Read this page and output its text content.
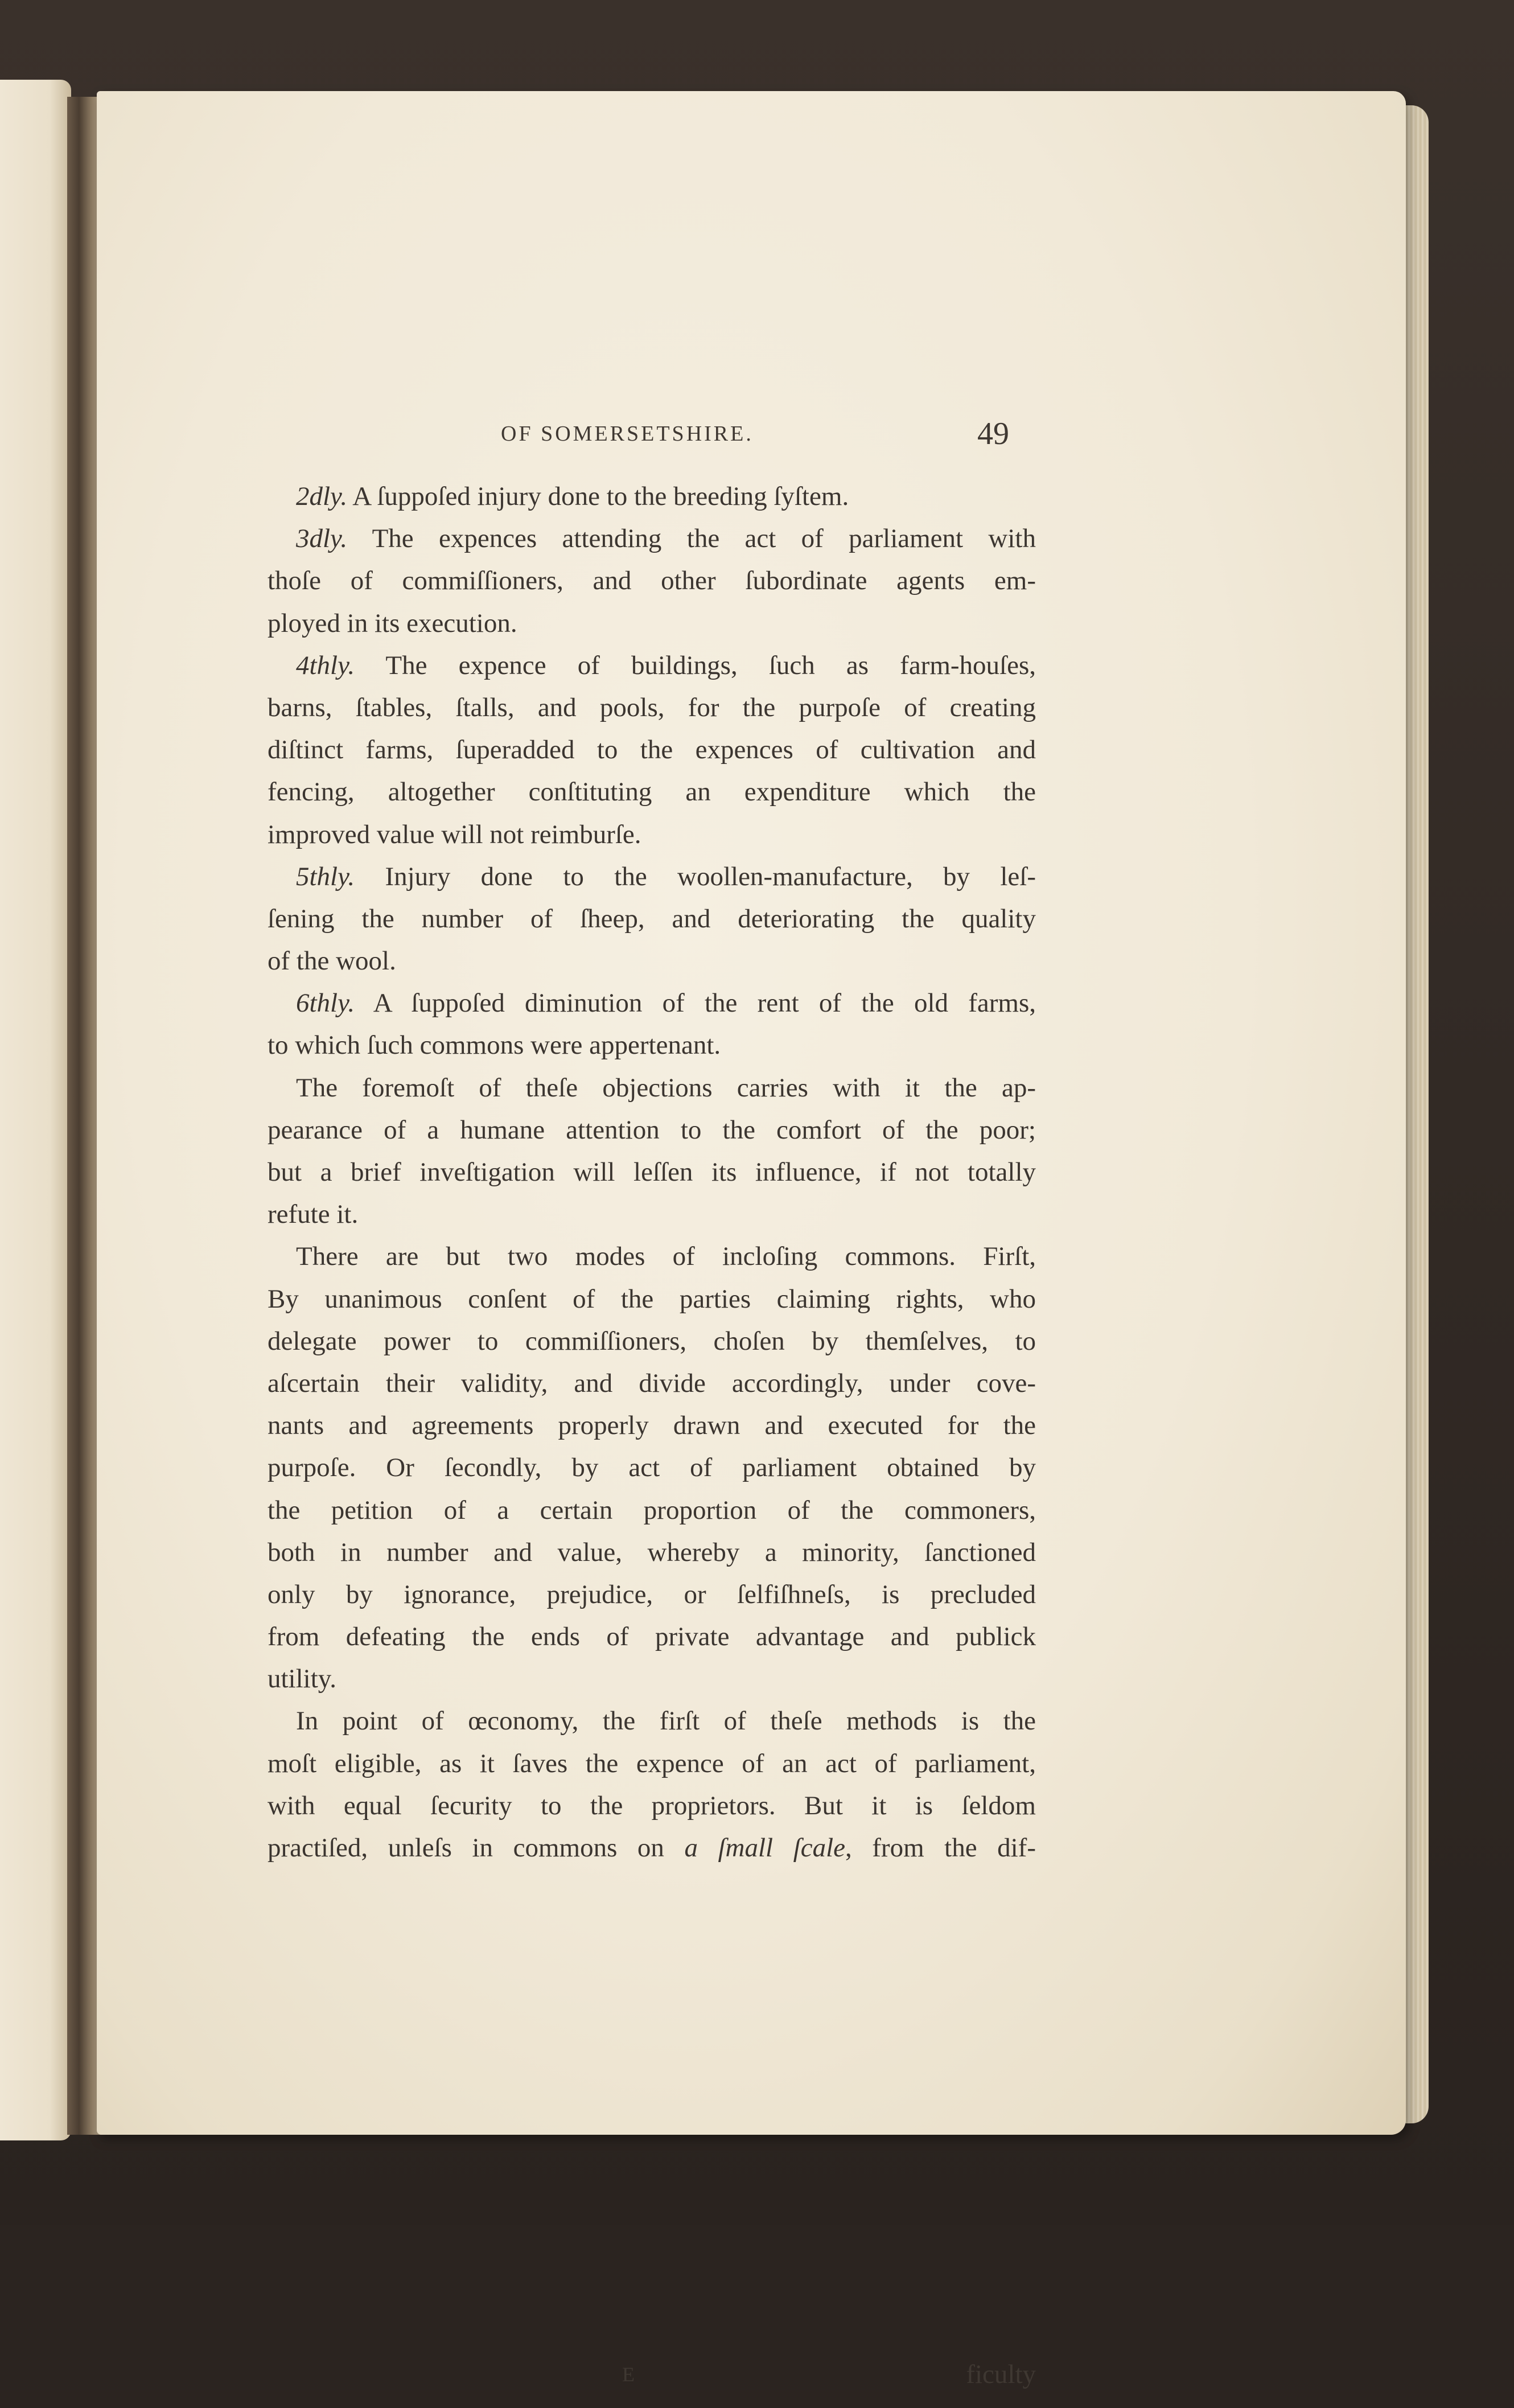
OF SOMERSETSHIRE.	49
2dly. A ſuppoſed injury done to the breeding ſyſtem.
3dly. The expences attending the act of parliament with
thoſe of commiſſioners, and other ſubordinate agents em-
ployed in its execution.
4thly. The expence of buildings, ſuch as farm-houſes,
barns, ſtables, ſtalls, and pools, for the purpoſe of creating
diſtinct farms, ſuperadded to the expences of cultivation and
fencing, altogether conſtituting an expenditure which the
improved value will not reimburſe.
5thly. Injury done to the woollen-manufacture, by leſ-
ſening the number of ſheep, and deteriorating the quality
of the wool.
6thly. A ſuppoſed diminution of the rent of the old farms,
to which ſuch commons were appertenant.
The foremoſt of theſe objections carries with it the ap-
pearance of a humane attention to the comfort of the poor;
but a brief inveſtigation will leſſen its influence, if not totally
refute it.
There are but two modes of incloſing commons. Firſt,
By unanimous conſent of the parties claiming rights, who
delegate power to commiſſioners, choſen by themſelves, to
aſcertain their validity, and divide accordingly, under cove-
nants and agreements properly drawn and executed for the
purpoſe. Or ſecondly, by act of parliament obtained by
the petition of a certain proportion of the commoners,
both in number and value, whereby a minority, ſanctioned
only by ignorance, prejudice, or ſelfiſhneſs, is precluded
from defeating the ends of private advantage and publick
utility.
In point of œconomy, the firſt of theſe methods is the
moſt eligible, as it ſaves the expence of an act of parliament,
with equal ſecurity to the proprietors. But it is ſeldom
practiſed, unleſs in commons on a ſmall ſcale, from the dif-
E	ficulty
